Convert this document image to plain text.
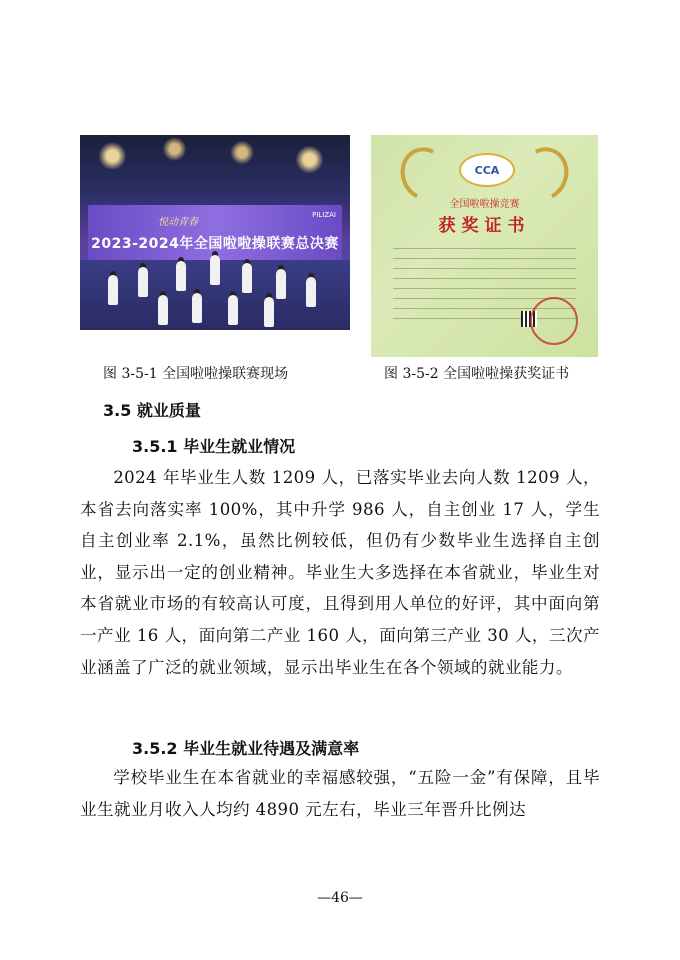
悦动青春
PILIZAI
2023-2024年全国啦啦操联赛总决赛
CCA
全国啦啦操竞赛
获奖证书
图 3-5-1 全国啦啦操联赛现场	图 3-5-2 全国啦啦操获奖证书
3.5 就业质量
3.5.1 毕业生就业情况
2024 年毕业生人数 1209 人，已落实毕业去向人数 1209 人，本省去向落实率 100%，其中升学 986 人，自主创业 17 人，学生自主创业率 2.1%，虽然比例较低，但仍有少数毕业生选择自主创业，显示出一定的创业精神。毕业生大多选择在本省就业，毕业生对本省就业市场的有较高认可度，且得到用人单位的好评，其中面向第一产业 16 人，面向第二产业 160 人，面向第三产业 30 人，三次产业涵盖了广泛的就业领域，显示出毕业生在各个领域的就业能力。
3.5.2 毕业生就业待遇及满意率
学校毕业生在本省就业的幸福感较强，“五险一金”有保障，且毕业生就业月收入人均约 4890 元左右，毕业三年晋升比例达
—46—
